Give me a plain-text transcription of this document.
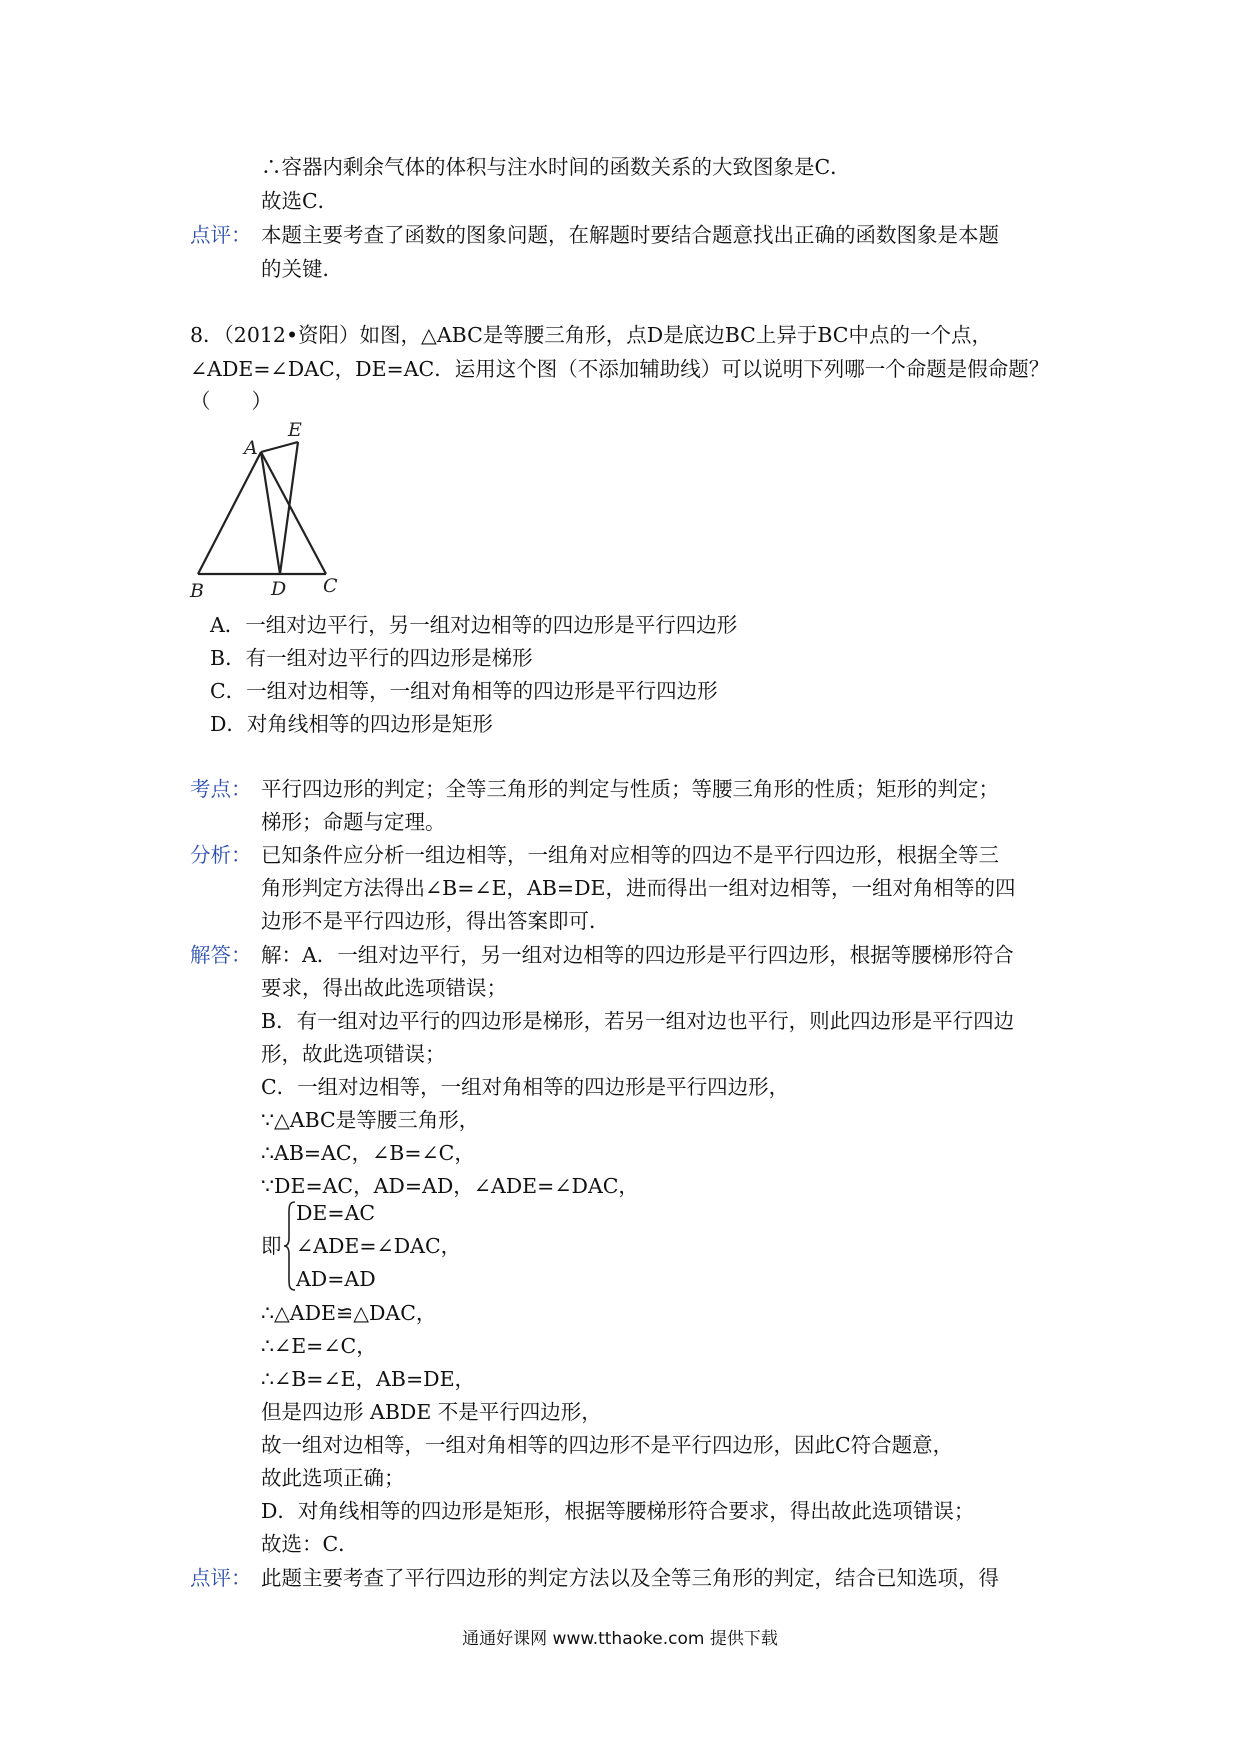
∴容器内剩余气体的体积与注水时间的函数关系的大致图象是C．
故选C．
点评： 本题主要考查了函数的图象问题，在解题时要结合题意找出正确的函数图象是本题
的关键．
8．（2012•资阳）如图，△ABC是等腰三角形，点D是底边BC上异于BC中点的一个点，
∠ADE=∠DAC，DE=AC．运用这个图（不添加辅助线）可以说明下列哪一个命题是假命题？
（　　）
A
E
B	D C
A．一组对边平行，另一组对边相等的四边形是平行四边形
B．有一组对边平行的四边形是梯形
C．一组对边相等，一组对角相等的四边形是平行四边形
D．对角线相等的四边形是矩形
考点： 平行四边形的判定；全等三角形的判定与性质；等腰三角形的性质；矩形的判定；
梯形；命题与定理。
分析： 已知条件应分析一组边相等，一组角对应相等的四边不是平行四边形，根据全等三
角形判定方法得出∠B=∠E，AB=DE，进而得出一组对边相等，一组对角相等的四
边形不是平行四边形，得出答案即可．
解答： 解：A．一组对边平行，另一组对边相等的四边形是平行四边形，根据等腰梯形符合
要求，得出故此选项错误；
B．有一组对边平行的四边形是梯形，若另一组对边也平行，则此四边形是平行四边
形，故此选项错误；
C．一组对边相等，一组对角相等的四边形是平行四边形，
∵△ABC是等腰三角形，
∴AB=AC，∠B=∠C，
∵DE=AC，AD=AD，∠ADE=∠DAC，
即
DE=AC
∠ADE=∠DAC，
AD=AD
∴△ADE≌△DAC，
∴∠E=∠C，
∴∠B=∠E，AB=DE，
但是四边形 ABDE 不是平行四边形，
故一组对边相等，一组对角相等的四边形不是平行四边形，因此C符合题意，
故此选项正确；
D．对角线相等的四边形是矩形，根据等腰梯形符合要求，得出故此选项错误；
故选：C．
点评： 此题主要考查了平行四边形的判定方法以及全等三角形的判定，结合已知选项，得
通通好课网 www.tthaoke.com 提供下载
